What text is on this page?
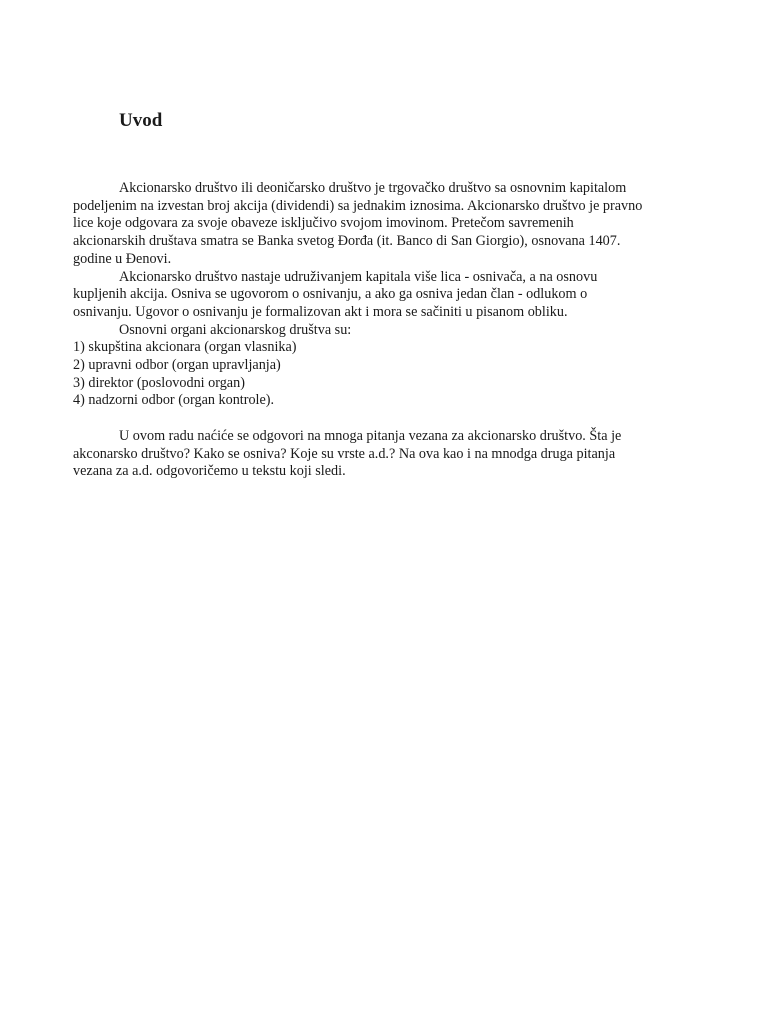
Uvod

Akcionarsko društvo ili deoničarsko društvo je trgovačko društvo sa osnovnim kapitalom
podeljenim na izvestan broj akcija (dividendi) sa jednakim iznosima. Akcionarsko društvo je pravno
lice koje odgovara za svoje obaveze isključivo svojom imovinom. Pretečom savremenih
akcionarskih društava smatra se Banka svetog Đorđa (it. Banco di San Giorgio), osnovana 1407.
godine u Đenovi.

Akcionarsko društvo nastaje udruživanjem kapitala više lica - osnivača, a na osnovu
kupljenih akcija. Osniva se ugovorom o osnivanju, a ako ga osniva jedan član - odlukom o
osnivanju. Ugovor o osnivanju je formalizovan akt i mora se sačiniti u pisanom obliku.

Osnovni organi akcionarskog društva su:

1) skupština akcionara (organ vlasnika)
2) upravni odbor (organ upravljanja)
3) direktor (poslovodni organ)
4) nadzorni odbor (organ kontrole).

U ovom radu naćiće se odgovori na mnoga pitanja vezana za akcionarsko društvo. Šta je
akconarsko društvo? Kako se osniva? Koje su vrste a.d.? Na ova kao i na mnodga druga pitanja
vezana za a.d. odgovoričemo u tekstu koji sledi.
